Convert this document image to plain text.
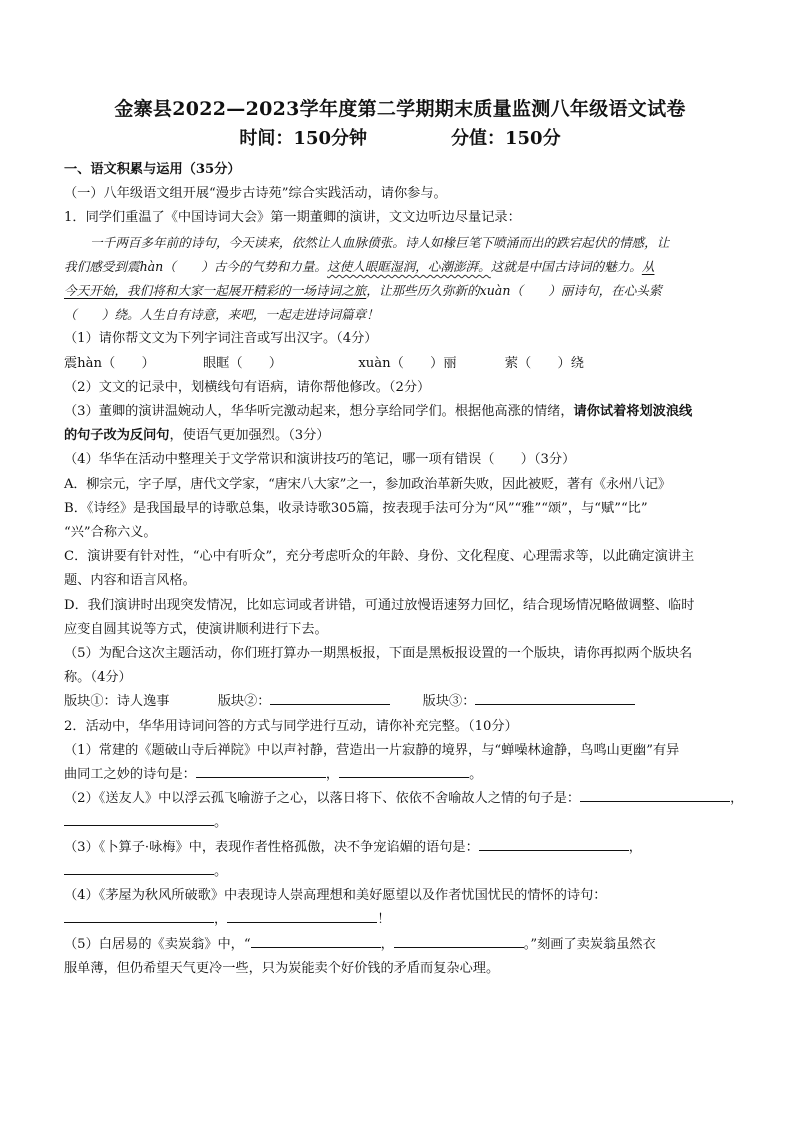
金寨县2022—2023学年度第二学期期末质量监测八年级语文试卷
时间：150分钟	分值：150分
一、语文积累与运用（35分）
（一）八年级语文组开展“漫步古诗苑”综合实践活动，请你参与。
1．同学们重温了《中国诗词大会》第一期董卿的演讲，文文边听边尽量记录：
一千两百多年前的诗句，今天读来，依然让人血脉偾张。诗人如椽巨笔下喷涌而出的跌宕起伏的情感，让
我们感受到震hàn（　　）古今的气势和力量。这使人眼眶湿润，心潮澎湃。这就是中国古诗词的魅力。从
今天开始，我们将和大家一起展开精彩的一场诗词之旅，让那些历久弥新的xuàn（　　）丽诗句，在心头萦
（　　）绕。人生自有诗意，来吧，一起走进诗词篇章！
（1）请你帮文文为下列字词注音或写出汉字。（4分）
震hàn（　　）	眼眶（　　）	xuàn（　　）丽	萦（　　）绕
（2）文文的记录中，划横线句有语病，请你帮他修改。（2分）
（3）董卿的演讲温婉动人，华华听完激动起来，想分享给同学们。根据他高涨的情绪，请你试着将划波浪线
的句子改为反问句，使语气更加强烈。（3分）
（4）华华在活动中整理关于文学常识和演讲技巧的笔记，哪一项有错误（　　）（3分）
A．柳宗元，字子厚，唐代文学家，“唐宋八大家”之一，参加政治革新失败，因此被贬，著有《永州八记》
B．《诗经》是我国最早的诗歌总集，收录诗歌305篇，按表现手法可分为“风”“雅”“颂”，与“赋”“比”
“兴”合称六义。
C．演讲要有针对性，“心中有听众”，充分考虑听众的年龄、身份、文化程度、心理需求等，以此确定演讲主
题、内容和语言风格。
D．我们演讲时出现突发情况，比如忘词或者讲错，可通过放慢语速努力回忆，结合现场情况略做调整、临时
应变自圆其说等方式，使演讲顺利进行下去。
（5）为配合这次主题活动，你们班打算办一期黑板报，下面是黑板报设置的一个版块，请你再拟两个版块名
称。（4分）
版块①：诗人逸事	版块②：	版块③：
2．活动中，华华用诗词问答的方式与同学进行互动，请你补充完整。（10分）
（1）常建的《题破山寺后禅院》中以声衬静，营造出一片寂静的境界，与“蝉噪林逾静，鸟鸣山更幽”有异
曲同工之妙的诗句是：	，	。
（2）《送友人》中以浮云孤飞喻游子之心，以落日将下、依依不舍喻故人之情的句子是：	，
。
（3）《卜算子·咏梅》中，表现作者性格孤傲，决不争宠谄媚的语句是：	，
。
（4）《茅屋为秋风所破歌》中表现诗人崇高理想和美好愿望以及作者忧国忧民的情怀的诗句：
，	！
（5）白居易的《卖炭翁》中，“	，	。”刻画了卖炭翁虽然衣
服单薄，但仍希望天气更冷一些，只为炭能卖个好价钱的矛盾而复杂心理。
